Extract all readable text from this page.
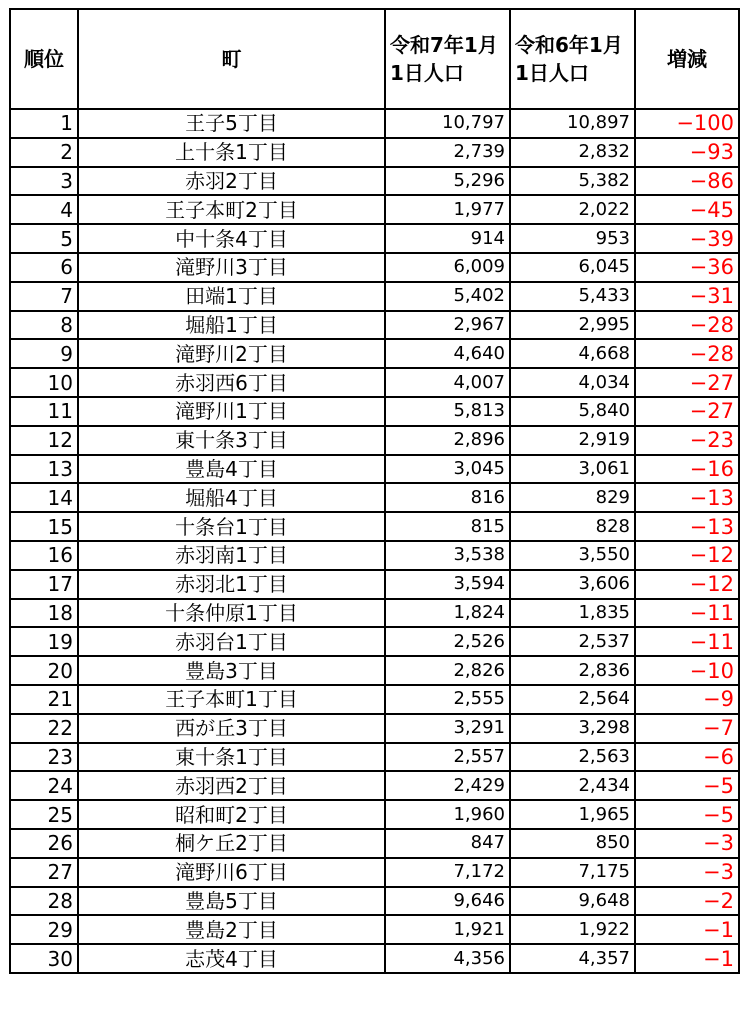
順位	町	令和7年1月1日人口	令和6年1月1日人口	増減
1	王子5丁目	10,797	10,897	−100
2	上十条1丁目	2,739	2,832	−93
3	赤羽2丁目	5,296	5,382	−86
4	王子本町2丁目	1,977	2,022	−45
5	中十条4丁目	914	953	−39
6	滝野川3丁目	6,009	6,045	−36
7	田端1丁目	5,402	5,433	−31
8	堀船1丁目	2,967	2,995	−28
9	滝野川2丁目	4,640	4,668	−28
10	赤羽西6丁目	4,007	4,034	−27
11	滝野川1丁目	5,813	5,840	−27
12	東十条3丁目	2,896	2,919	−23
13	豊島4丁目	3,045	3,061	−16
14	堀船4丁目	816	829	−13
15	十条台1丁目	815	828	−13
16	赤羽南1丁目	3,538	3,550	−12
17	赤羽北1丁目	3,594	3,606	−12
18	十条仲原1丁目	1,824	1,835	−11
19	赤羽台1丁目	2,526	2,537	−11
20	豊島3丁目	2,826	2,836	−10
21	王子本町1丁目	2,555	2,564	−9
22	西が丘3丁目	3,291	3,298	−7
23	東十条1丁目	2,557	2,563	−6
24	赤羽西2丁目	2,429	2,434	−5
25	昭和町2丁目	1,960	1,965	−5
26	桐ケ丘2丁目	847	850	−3
27	滝野川6丁目	7,172	7,175	−3
28	豊島5丁目	9,646	9,648	−2
29	豊島2丁目	1,921	1,922	−1
30	志茂4丁目	4,356	4,357	−1
